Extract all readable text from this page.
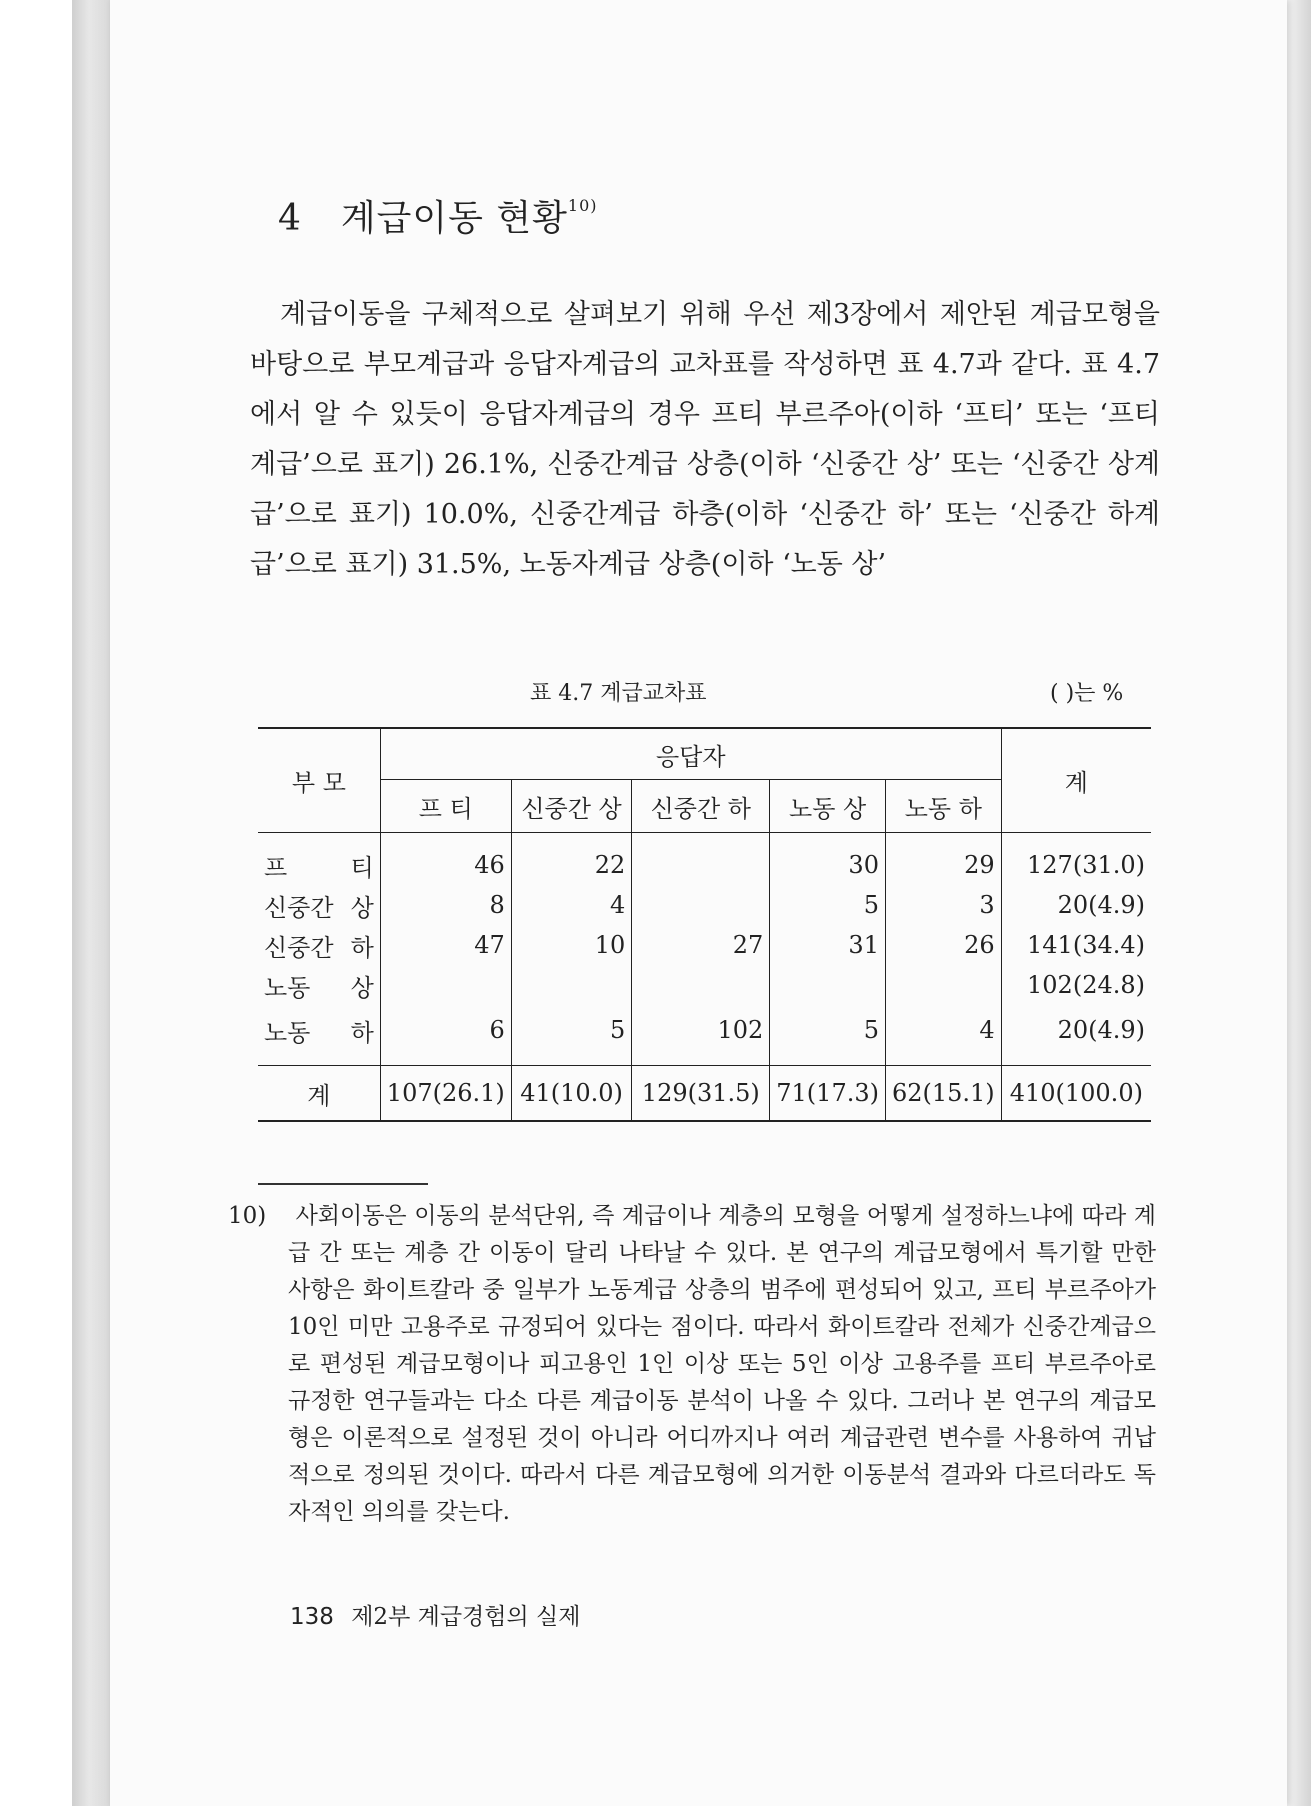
4 계급이동 현황$^{10)}$

계급이동을 구체적으로 살펴보기 위해 우선 제3장에서 제안된 계급모형을 바탕으로 부모계급과 응답자계급의 교차표를 작성하면 표 4.7과 같다. 표 4.7에서 알 수 있듯이 응답자계급의 경우 프티 부르주아(이하 ‘프티’ 또는 ‘프티 계급’으로 표기) 26.1%, 신중간계급 상층(이하 ‘신중간 상’ 또는 ‘신중간 상계급’으로 표기) 10.0%, 신중간계급 하층(이하 ‘신중간 하’ 또는 ‘신중간 하계급’으로 표기) 31.5%, 노동자계급 상층(이하 ‘노동 상’

표 4.7 계급교차표	( )는 %
부 모	응답자					계
	프 티	신중간 상	신중간 하	노동 상	노동 하	
프 티	46	22		30	29	127(31.0)
신중간 상	8	4		5	3	20(4.9)
신중간 하	47	10	27	31	26	141(34.4)
노동 상						102(24.8)
노동 하	6	5	102	5	4	20(4.9)
계	107(26.1)	41(10.0)	129(31.5)	71(17.3)	62(15.1)	410(100.0)
10) 사회이동은 이동의 분석단위, 즉 계급이나 계층의 모형을 어떻게 설정하느냐에 따라 계급 간 또는 계층 간 이동이 달리 나타날 수 있다. 본 연구의 계급모형에서 특기할 만한 사항은 화이트칼라 중 일부가 노동계급 상층의 범주에 편성되어 있고, 프티 부르주아가 10인 미만 고용주로 규정되어 있다는 점이다. 따라서 화이트칼라 전체가 신중간계급으로 편성된 계급모형이나 피고용인 1인 이상 또는 5인 이상 고용주를 프티 부르주아로 규정한 연구들과는 다소 다른 계급이동 분석이 나올 수 있다. 그러나 본 연구의 계급모형은 이론적으로 설정된 것이 아니라 어디까지나 여러 계급관련 변수를 사용하여 귀납적으로 정의된 것이다. 따라서 다른 계급모형에 의거한 이동분석 결과와 다르더라도 독자적인 의의를 갖는다.
138 제2부 계급경험의 실제
